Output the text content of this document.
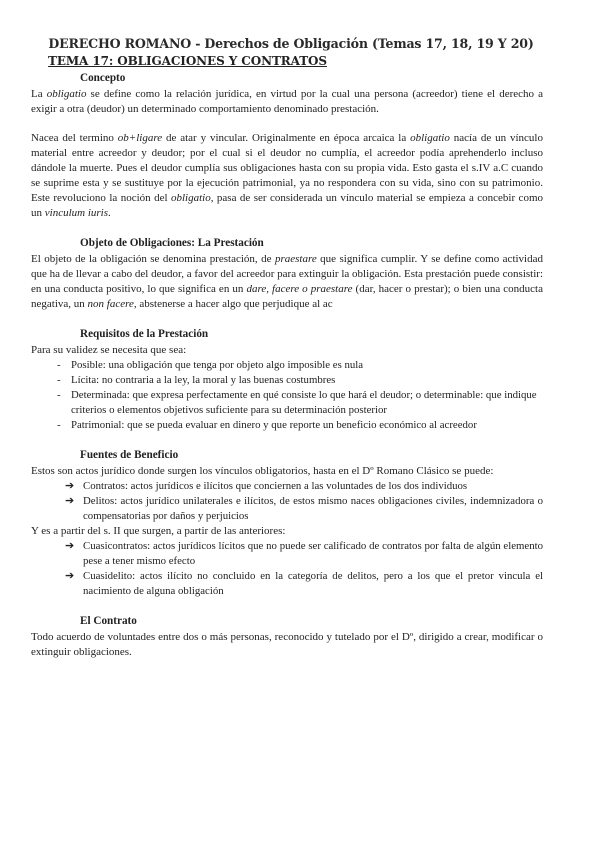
DERECHO ROMANO - Derechos de Obligación (Temas 17, 18, 19 Y 20)
TEMA 17: OBLIGACIONES Y CONTRATOS
Concepto

La obligatio se define como la relación jurídica, en virtud por la cual una persona (acreedor) tiene el derecho a exigir a otra (deudor) un determinado comportamiento denominado prestación.

Nacea del termino ob+ligare de atar y vincular. Originalmente en época arcaica la obligatio nacía de un vínculo material entre acreedor y deudor; por el cual si el deudor no cumplía, el acreedor podía aprehenderlo incluso dándole la muerte. Pues el deudor cumplía sus obligaciones hasta con su propia vida. Esto gasta el s.IV a.C cuando se suprime esta y se sustituye por la ejecución patrimonial, ya no respondera con su vida, sino con su patrimonio. Este revoluciono la noción del obligatio, pasa de ser considerada un vínculo material se empieza a concebir como un vinculum iuris.

Objeto de Obligaciones: La Prestación

El objeto de la obligación se denomina prestación, de praestare que significa cumplir. Y se define como actividad que ha de llevar a cabo del deudor, a favor del acreedor para extinguir la obligación. Esta prestación puede consistir: en una conducta positivo, lo que significa en un dare, facere o praestare (dar, hacer o prestar); o bien una conducta negativa, un non facere, abstenerse a hacer algo que perjudique al ac

Requisitos de la Prestación

Para su validez se necesita que sea:

- Posible: una obligación que tenga por objeto algo imposible es nula
- Lícita: no contraria a la ley, la moral y las buenas costumbres
- Determinada: que expresa perfectamente en qué consiste lo que hará el deudor; o determinable: que indique criterios o elementos objetivos suficiente para su determinación posterior
- Patrimonial: que se pueda evaluar en dinero y que reporte un beneficio económico al acreedor
Fuentes de Beneficio

Estos son actos jurídico donde surgen los vínculos obligatorios, hasta en el Dº Romano Clásico se puede:

➔ Contratos: actos jurídicos e ilícitos que conciernen a las voluntades de los dos individuos
➔ Delitos: actos jurídico unilaterales e ilícitos, de estos mismo naces obligaciones civiles, indemnizadora o compensatorias por daños y perjuicios

Y es a partir del s. II que surgen, a partir de las anteriores:

➔ Cuasicontratos: actos jurídicos lícitos que no puede ser calificado de contratos por falta de algún elemento pese a tener mismo efecto
➔ Cuasidelito: actos ilícito no concluido en la categoría de delitos, pero a los que el pretor vincula el nacimiento de alguna obligación
El Contrato

Todo acuerdo de voluntades entre dos o más personas, reconocido y tutelado por el Dº, dirigido a crear, modificar o extinguir obligaciones.
